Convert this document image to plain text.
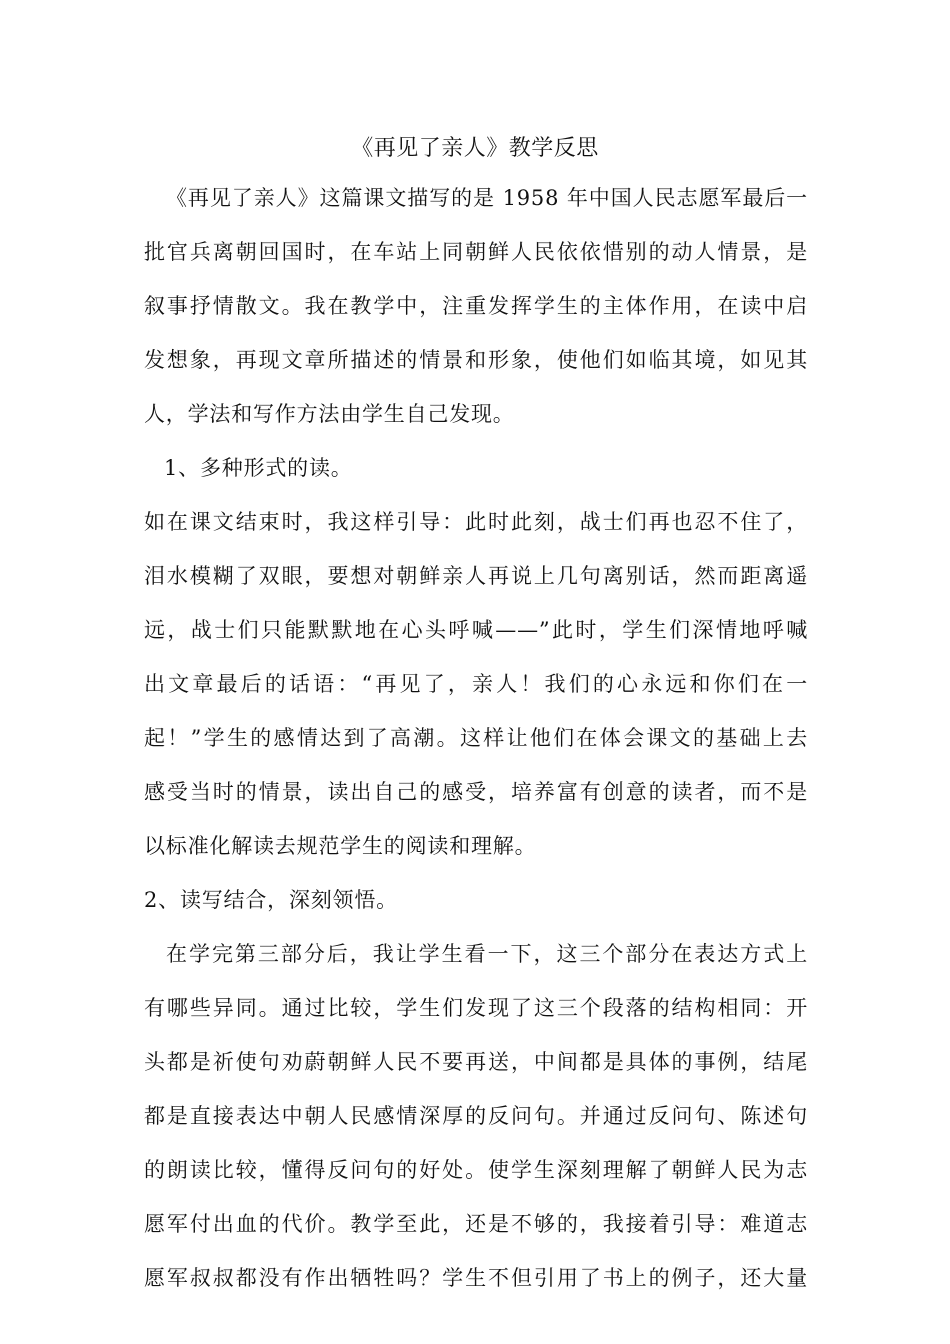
《再见了亲人》教学反思
《再见了亲人》这篇课文描写的是 1958 年中国人民志愿军最后一
批官兵离朝回国时，在车站上同朝鲜人民依依惜别的动人情景，是
叙事抒情散文。我在教学中，注重发挥学生的主体作用，在读中启
发想象，再现文章所描述的情景和形象，使他们如临其境，如见其
人，学法和写作方法由学生自己发现。
1、多种形式的读。
如在课文结束时，我这样引导：此时此刻，战士们再也忍不住了，
泪水模糊了双眼，要想对朝鲜亲人再说上几句离别话，然而距离遥
远，战士们只能默默地在心头呼喊——”此时，学生们深情地呼喊
出文章最后的话语：“再见了，亲人！我们的心永远和你们在一
起！”学生的感情达到了高潮。这样让他们在体会课文的基础上去
感受当时的情景，读出自己的感受，培养富有创意的读者，而不是
以标准化解读去规范学生的阅读和理解。
2、读写结合，深刻领悟。
在学完第三部分后，我让学生看一下，这三个部分在表达方式上
有哪些异同。通过比较，学生们发现了这三个段落的结构相同：开
头都是祈使句劝蔚朝鲜人民不要再送，中间都是具体的事例，结尾
都是直接表达中朝人民感情深厚的反问句。并通过反问句、陈述句
的朗读比较，懂得反问句的好处。使学生深刻理解了朝鲜人民为志
愿军付出血的代价。教学至此，还是不够的，我接着引导：难道志
愿军叔叔都没有作出牺牲吗？学生不但引用了书上的例子，还大量
